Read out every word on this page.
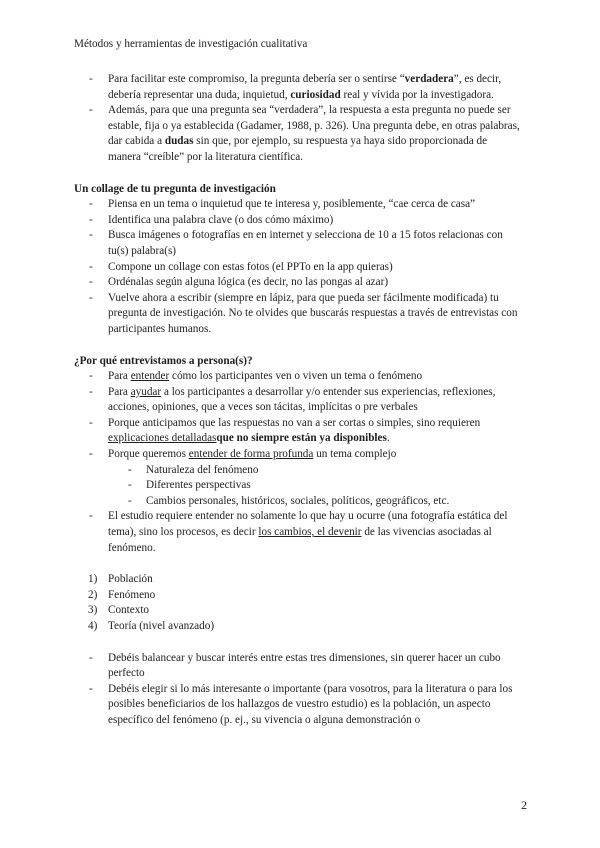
Métodos y herramientas de investigación cualitativa
- Para facilitar este compromiso, la pregunta debería ser o sentirse “verdadera”, es decir, debería representar una duda, inquietud, curiosidad real y vívida por la investigadora.
- Además, para que una pregunta sea “verdadera”, la respuesta a esta pregunta no puede ser estable, fija o ya establecida (Gadamer, 1988, p. 326). Una pregunta debe, en otras palabras, dar cabida a dudas sin que, por ejemplo, su respuesta ya haya sido proporcionada de manera “creíble” por la literatura científica.
Un collage de tu pregunta de investigación
- Piensa en un tema o inquietud que te interesa y, posiblemente, “cae cerca de casa”
- Identifica una palabra clave (o dos cómo máximo)
- Busca imágenes o fotografías en en internet y selecciona de 10 a 15 fotos relacionas con tu(s) palabra(s)
- Compone un collage con estas fotos (el PPTo en la app quieras)
- Ordénalas según alguna lógica (es decir, no las pongas al azar)
- Vuelve ahora a escribir (siempre en lápiz, para que pueda ser fácilmente modificada) tu pregunta de investigación. No te olvides que buscarás respuestas a través de entrevistas con participantes humanos.
¿Por qué entrevistamos a persona(s)?
- Para entender cómo los participantes ven o viven un tema o fenómeno
- Para ayudar a los participantes a desarrollar y/o entender sus experiencias, reflexiones, acciones, opiniones, que a veces son tácitas, implícitas o pre verbales
- Porque anticipamos que las respuestas no van a ser cortas o simples, sino requieren explicaciones detalladasque no siempre están ya disponibles.
- Porque queremos entender de forma profunda un tema complejo
- Naturaleza del fenómeno
- Diferentes perspectivas
- Cambios personales, históricos, sociales, políticos, geográficos, etc.
- El estudio requiere entender no solamente lo que hay u ocurre (una fotografía estática del tema), sino los procesos, es decir los cambios, el devenir de las vivencias asociadas al fenómeno.
1) Población
2) Fenómeno
3) Contexto
4) Teoría (nivel avanzado)
- Debéis balancear y buscar interés entre estas tres dimensiones, sin querer hacer un cubo perfecto
- Debéis elegir si lo más interesante o importante (para vosotros, para la literatura o para los posibles beneficiarios de los hallazgos de vuestro estudio) es la población, un aspecto específico del fenómeno (p. ej., su vivencia o alguna demonstración o
2
